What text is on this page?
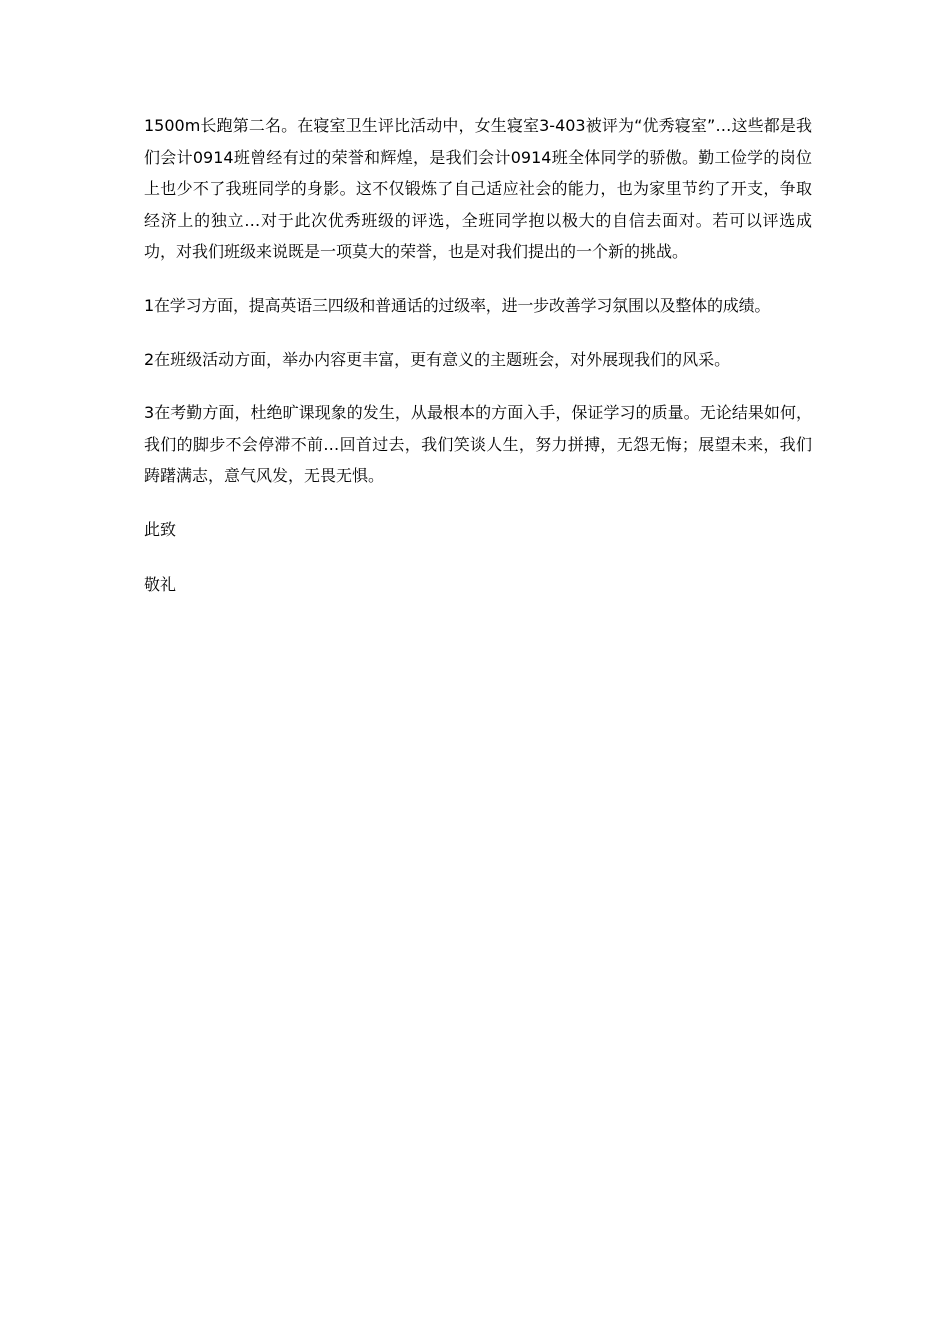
1500m长跑第二名。在寝室卫生评比活动中，女生寝室3-403被评为“优秀寝室”…这些都是我们会计0914班曾经有过的荣誉和辉煌，是我们会计0914班全体同学的骄傲。勤工俭学的岗位上也少不了我班同学的身影。这不仅锻炼了自己适应社会的能力，也为家里节约了开支，争取经济上的独立…对于此次优秀班级的评选，全班同学抱以极大的自信去面对。若可以评选成功，对我们班级来说既是一项莫大的荣誉，也是对我们提出的一个新的挑战。

1在学习方面，提高英语三四级和普通话的过级率，进一步改善学习氛围以及整体的成绩。

2在班级活动方面，举办内容更丰富，更有意义的主题班会，对外展现我们的风采。

3在考勤方面，杜绝旷课现象的发生，从最根本的方面入手，保证学习的质量。无论结果如何，我们的脚步不会停滞不前…回首过去，我们笑谈人生，努力拼搏，无怨无悔；展望未来，我们踌躇满志，意气风发，无畏无惧。

此致

敬礼
